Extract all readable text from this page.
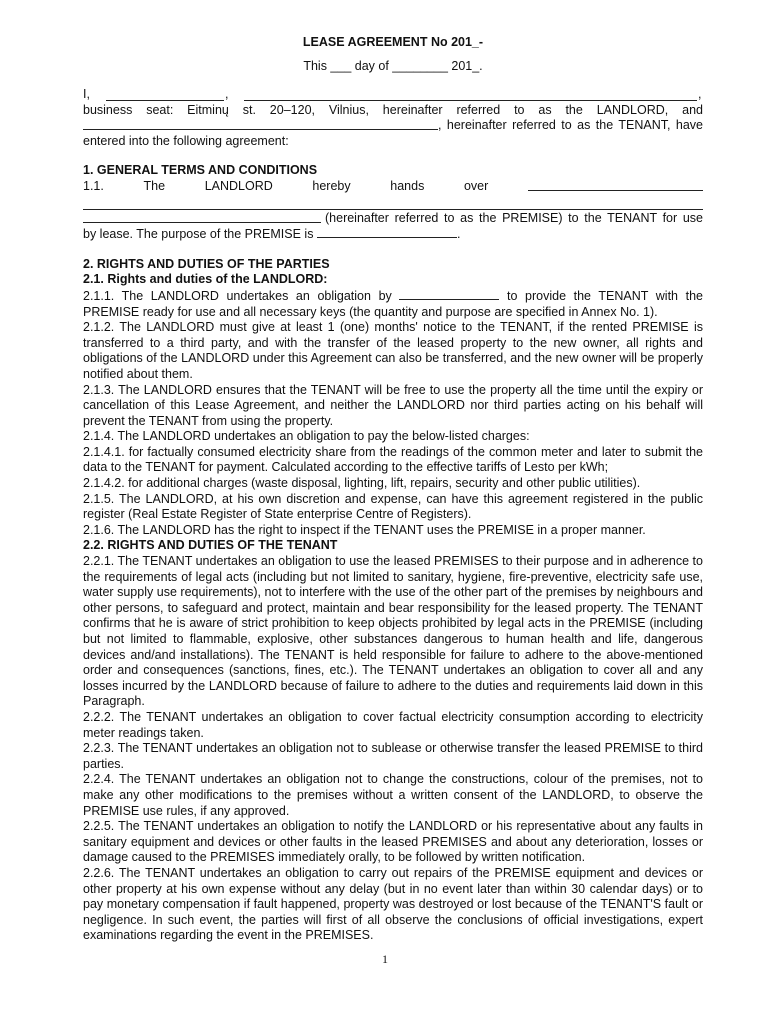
LEASE AGREEMENT No 201_-
This ___ day of ________ 201_.
I,	,	,
business seat: Eitminų st. 20–120, Vilnius, hereinafter referred to as the LANDLORD, and
, hereinafter referred to as the TENANT, have
entered into the following agreement:
1. GENERAL TERMS AND CONDITIONS
1.1.	The	LANDLORD	hereby	hands	over
(hereinafter referred to as the PREMISE) to the TENANT for use
by lease. The purpose of the PREMISE is	.
2. RIGHTS AND DUTIES OF THE PARTIES
2.1. Rights and duties of the LANDLORD:
2.1.1. The LANDLORD undertakes an obligation by	to provide the TENANT with the PREMISE ready for use and all necessary keys (the quantity and purpose are specified in Annex No. 1).
2.1.2. The LANDLORD must give at least 1 (one) months' notice to the TENANT, if the rented PREMISE is transferred to a third party, and with the transfer of the leased property to the new owner, all rights and obligations of the LANDLORD under this Agreement can also be transferred, and the new owner will be properly notified about them.
2.1.3. The LANDLORD ensures that the TENANT will be free to use the property all the time until the expiry or cancellation of this Lease Agreement, and neither the LANDLORD nor third parties acting on his behalf will prevent the TENANT from using the property.
2.1.4. The LANDLORD undertakes an obligation to pay the below-listed charges:
2.1.4.1. for factually consumed electricity share from the readings of the common meter and later to submit the data to the TENANT for payment. Calculated according to the effective tariffs of Lesto per kWh;
2.1.4.2. for additional charges (waste disposal, lighting, lift, repairs, security and other public utilities).
2.1.5. The LANDLORD, at his own discretion and expense, can have this agreement registered in the public register (Real Estate Register of State enterprise Centre of Registers).
2.1.6. The LANDLORD has the right to inspect if the TENANT uses the PREMISE in a proper manner.
2.2. RIGHTS AND DUTIES OF THE TENANT
2.2.1. The TENANT undertakes an obligation to use the leased PREMISES to their purpose and in adherence to the requirements of legal acts (including but not limited to sanitary, hygiene, fire-preventive, electricity safe use, water supply use requirements), not to interfere with the use of the other part of the premises by neighbours and other persons, to safeguard and protect, maintain and bear responsibility for the leased property. The TENANT confirms that he is aware of strict prohibition to keep objects prohibited by legal acts in the PREMISE (including but not limited to flammable, explosive, other substances dangerous to human health and life, dangerous devices and/and installations). The TENANT is held responsible for failure to adhere to the above-mentioned order and consequences (sanctions, fines, etc.). The TENANT undertakes an obligation to cover all and any losses incurred by the LANDLORD because of failure to adhere to the duties and requirements laid down in this Paragraph.
2.2.2. The TENANT undertakes an obligation to cover factual electricity consumption according to electricity meter readings taken.
2.2.3. The TENANT undertakes an obligation not to sublease or otherwise transfer the leased PREMISE to third parties.
2.2.4. The TENANT undertakes an obligation not to change the constructions, colour of the premises, not to make any other modifications to the premises without a written consent of the LANDLORD, to observe the PREMISE use rules, if any approved.
2.2.5. The TENANT undertakes an obligation to notify the LANDLORD or his representative about any faults in sanitary equipment and devices or other faults in the leased PREMISES and about any deterioration, losses or damage caused to the PREMISES immediately orally, to be followed by written notification.
2.2.6. The TENANT undertakes an obligation to carry out repairs of the PREMISE equipment and devices or other property at his own expense without any delay (but in no event later than within 30 calendar days) or to pay monetary compensation if fault happened, property was destroyed or lost because of the TENANT'S fault or negligence. In such event, the parties will first of all observe the conclusions of official investigations, expert examinations regarding the event in the PREMISES.
1
